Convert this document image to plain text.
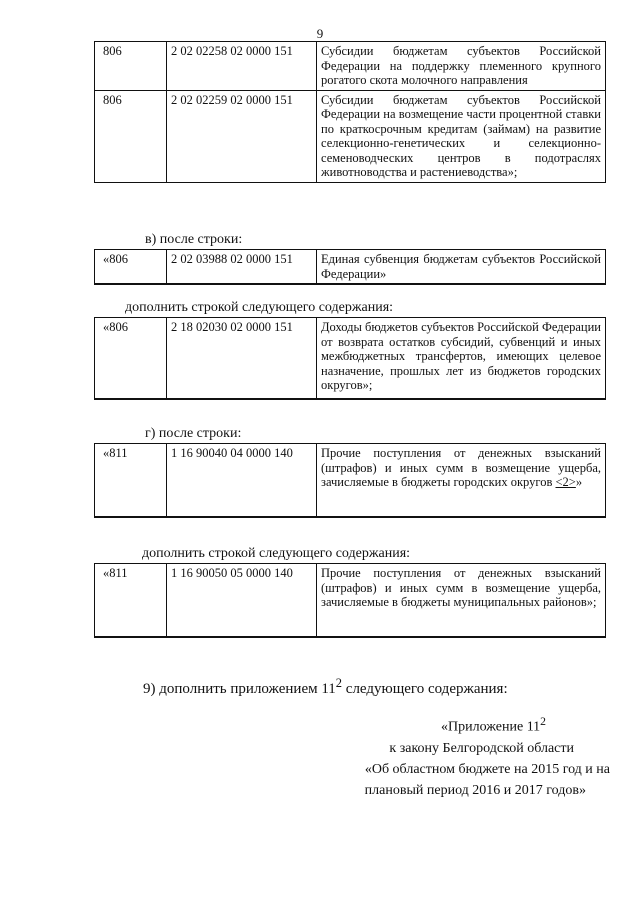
9
806	2 02 02258 02 0000 151	Субсидии бюджетам субъектов Российской Федерации на поддержку племенного крупного рогатого скота молочного направления
806	2 02 02259 02 0000 151	Субсидии бюджетам субъектов Российской Федерации на возмещение части процентной ставки по краткосрочным кредитам (займам) на развитие селекционно-генетических и селекционно-семеноводческих центров в подотраслях животноводства и растениеводства»;
в) после строки:
«806	2 02 03988 02 0000 151	Единая субвенция бюджетам субъектов Российской Федерации»
дополнить строкой следующего содержания:
«806	2 18 02030 02 0000 151	Доходы бюджетов субъектов Российской Федерации от возврата остатков субсидий, субвенций и иных межбюджетных трансфертов, имеющих целевое назначение, прошлых лет из бюджетов городских округов»;
г) после строки:
«811	1 16 90040 04 0000 140	Прочие поступления от денежных взысканий (штрафов) и иных сумм в возмещение ущерба, зачисляемые в бюджеты городских округов <2>»
дополнить строкой следующего содержания:
«811	1 16 90050 05 0000 140	Прочие поступления от денежных взысканий (штрафов) и иных сумм в возмещение ущерба, зачисляемые в бюджеты муниципальных районов»;
9) дополнить приложением $11^2$ следующего содержания:
«Приложение $11^2$
к закону Белгородской области
«Об областном бюджете на 2015 год и на
плановый период 2016 и 2017 годов»
